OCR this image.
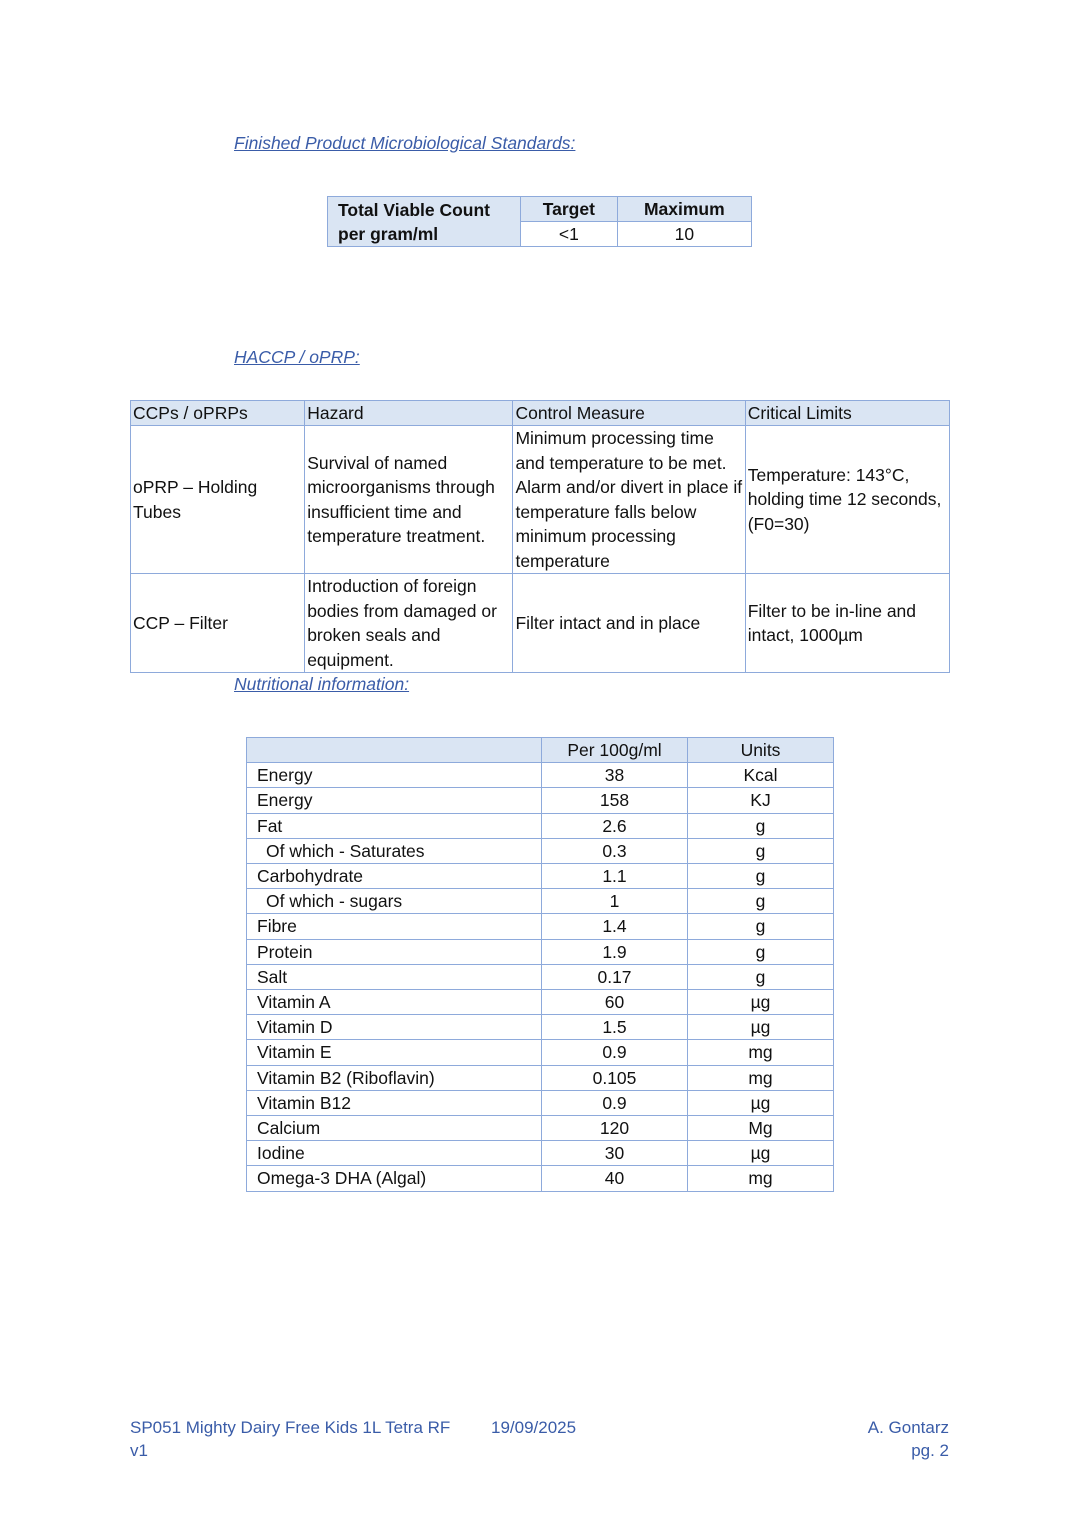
Finished Product Microbiological Standards:
Total Viable Count
per gram/ml	Target	Maximum
	<1	10
HACCP / oPRP:
CCPs / oPRPs	Hazard	Control Measure	Critical Limits
oPRP – Holding Tubes	Survival of named microorganisms through insufficient time and temperature treatment.	Minimum processing time and temperature to be met. Alarm and/or divert in place if temperature falls below minimum processing temperature	Temperature: 143°C, holding time 12 seconds, (F0=30)
CCP – Filter	Introduction of foreign bodies from damaged or broken seals and equipment.	Filter intact and in place	Filter to be in-line and intact, 1000µm
Nutritional information:
	Per 100g/ml	Units
Energy	38	Kcal
Energy	158	KJ
Fat	2.6	g
Of which - Saturates	0.3	g
Carbohydrate	1.1	g
Of which - sugars	1	g
Fibre	1.4	g
Protein	1.9	g
Salt	0.17	g
Vitamin A	60	µg
Vitamin D	1.5	µg
Vitamin E	0.9	mg
Vitamin B2 (Riboflavin)	0.105	mg
Vitamin B12	0.9	µg
Calcium	120	Mg
Iodine	30	µg
Omega-3 DHA (Algal)	40	mg
SP051 Mighty Dairy Free Kids 1L Tetra RF
v1
19/09/2025	A. Gontarz
pg. 2
